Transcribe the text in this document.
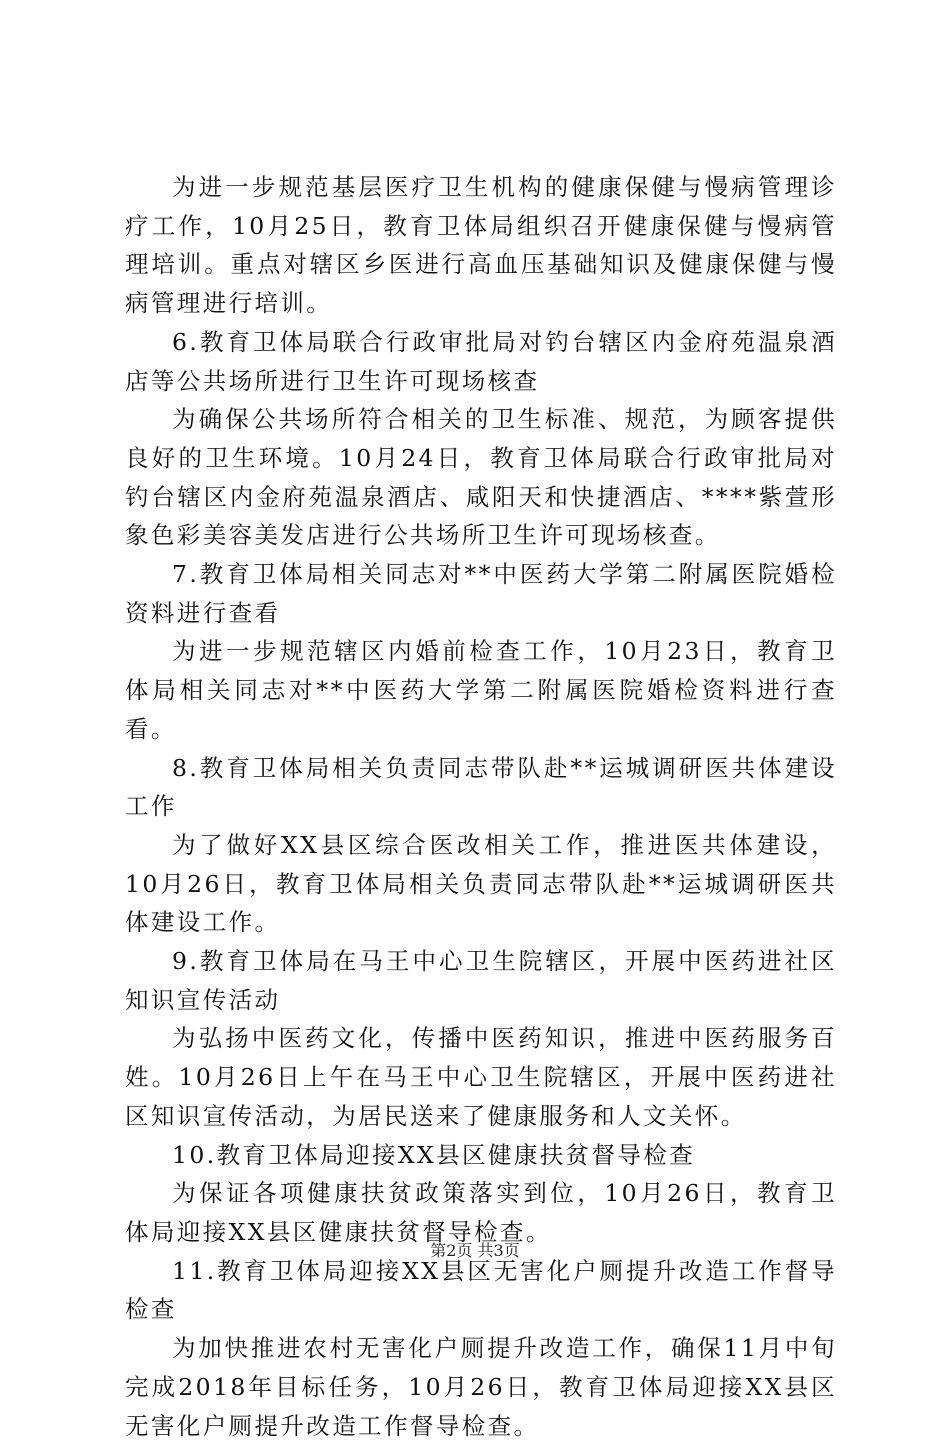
为进一步规范基层医疗卫生机构的健康保健与慢病管理诊疗工作，10月25日，教育卫体局组织召开健康保健与慢病管理培训。重点对辖区乡医进行高血压基础知识及健康保健与慢病管理进行培训。

6.教育卫体局联合行政审批局对钓台辖区内金府苑温泉酒店等公共场所进行卫生许可现场核查

为确保公共场所符合相关的卫生标准、规范，为顾客提供良好的卫生环境。10月24日，教育卫体局联合行政审批局对钓台辖区内金府苑温泉酒店、咸阳天和快捷酒店、****紫萱形象色彩美容美发店进行公共场所卫生许可现场核查。

7.教育卫体局相关同志对**中医药大学第二附属医院婚检资料进行查看

为进一步规范辖区内婚前检查工作，10月23日，教育卫体局相关同志对**中医药大学第二附属医院婚检资料进行查看。

8.教育卫体局相关负责同志带队赴**运城调研医共体建设工作

为了做好XX县区综合医改相关工作，推进医共体建设，10月26日，教育卫体局相关负责同志带队赴**运城调研医共体建设工作。

9.教育卫体局在马王中心卫生院辖区，开展中医药进社区知识宣传活动

为弘扬中医药文化，传播中医药知识，推进中医药服务百姓。10月26日上午在马王中心卫生院辖区，开展中医药进社区知识宣传活动，为居民送来了健康服务和人文关怀。

10.教育卫体局迎接XX县区健康扶贫督导检查

为保证各项健康扶贫政策落实到位，10月26日，教育卫体局迎接XX县区健康扶贫督导检查。

11.教育卫体局迎接XX县区无害化户厕提升改造工作督导检查

为加快推进农村无害化户厕提升改造工作，确保11月中旬完成2018年目标任务，10月26日，教育卫体局迎接XX县区无害化户厕提升改造工作督导检查。

第2页 共3页
